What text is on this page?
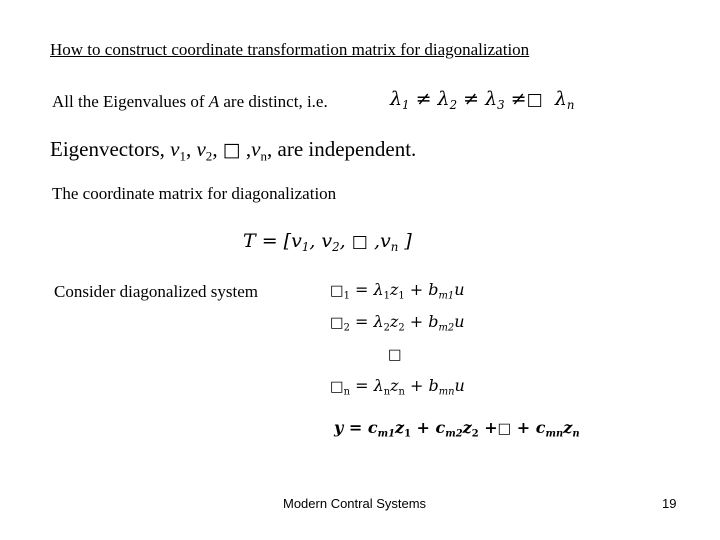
How to construct coordinate transformation matrix for diagonalization
All the Eigenvalues of A are distinct, i.e.	$\lambda_1 \ne \lambda_2 \ne \lambda_3$ ≠□ $\lambda_n$
Eigenvectors, $v_1$, $v_2$, □ $,v_n$, are independent.
The coordinate matrix for diagonalization
$T = [v_1$, $v_2$, □ $,v_n$ ]
Consider diagonalized system	$□_1 = \lambda_1z_1 + b_{m1}u$
$□_2 = \lambda_2z_2 + b_{m2}u$
□
$□_n = \lambda_nz_n + b_{mn}u$
$y = c_{m1}z_1 + c_{m2}z_2$ +□ + $c_{mn}z_n$
Modern Contral Systems	19
